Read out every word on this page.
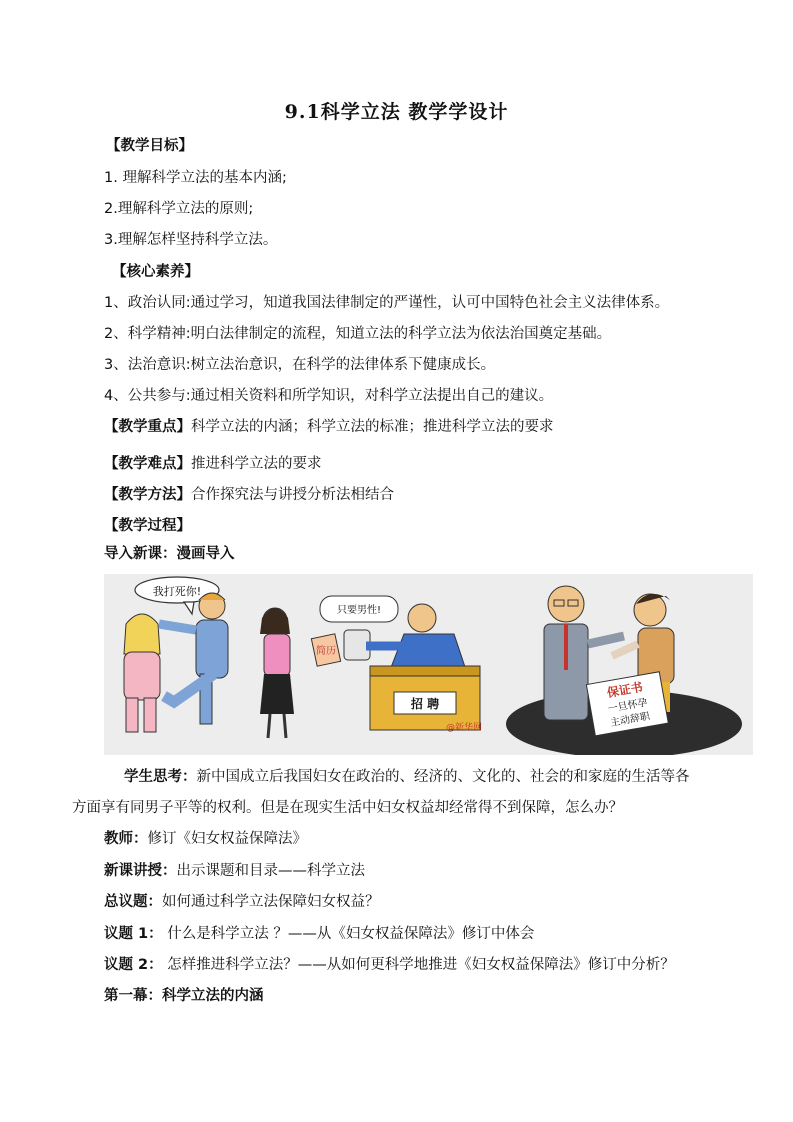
9.1科学立法 教学学设计
【教学目标】
1. 理解科学立法的基本内涵;
2.理解科学立法的原则;
3.理解怎样坚持科学立法。
【核心素养】
1、政治认同:通过学习，知道我国法律制定的严谨性，认可中国特色社会主义法律体系。
2、科学精神:明白法律制定的流程，知道立法的科学立法为依法治国奠定基础。
3、法治意识:树立法治意识，在科学的法律体系下健康成长。
4、公共参与:通过相关资料和所学知识，对科学立法提出自己的建议。
【教学重点】科学立法的内涵；科学立法的标准；推进科学立法的要求
【教学难点】推进科学立法的要求
【教学方法】合作探究法与讲授分析法相结合
【教学过程】
导入新课：漫画导入
我打死你!
简历
只要男性!
招 聘
@新华网
保证书
一旦怀孕
主动辞职
学生思考：新中国成立后我国妇女在政治的、经济的、文化的、社会的和家庭的生活等各
方面享有同男子平等的权利。但是在现实生活中妇女权益却经常得不到保障，怎么办？
教师：修订《妇女权益保障法》
新课讲授：出示课题和目录——科学立法
总议题：如何通过科学立法保障妇女权益？
议题 1： 什么是科学立法 ？——从《妇女权益保障法》修订中体会
议题 2： 怎样推进科学立法？——从如何更科学地推进《妇女权益保障法》修订中分析？
第一幕：科学立法的内涵
